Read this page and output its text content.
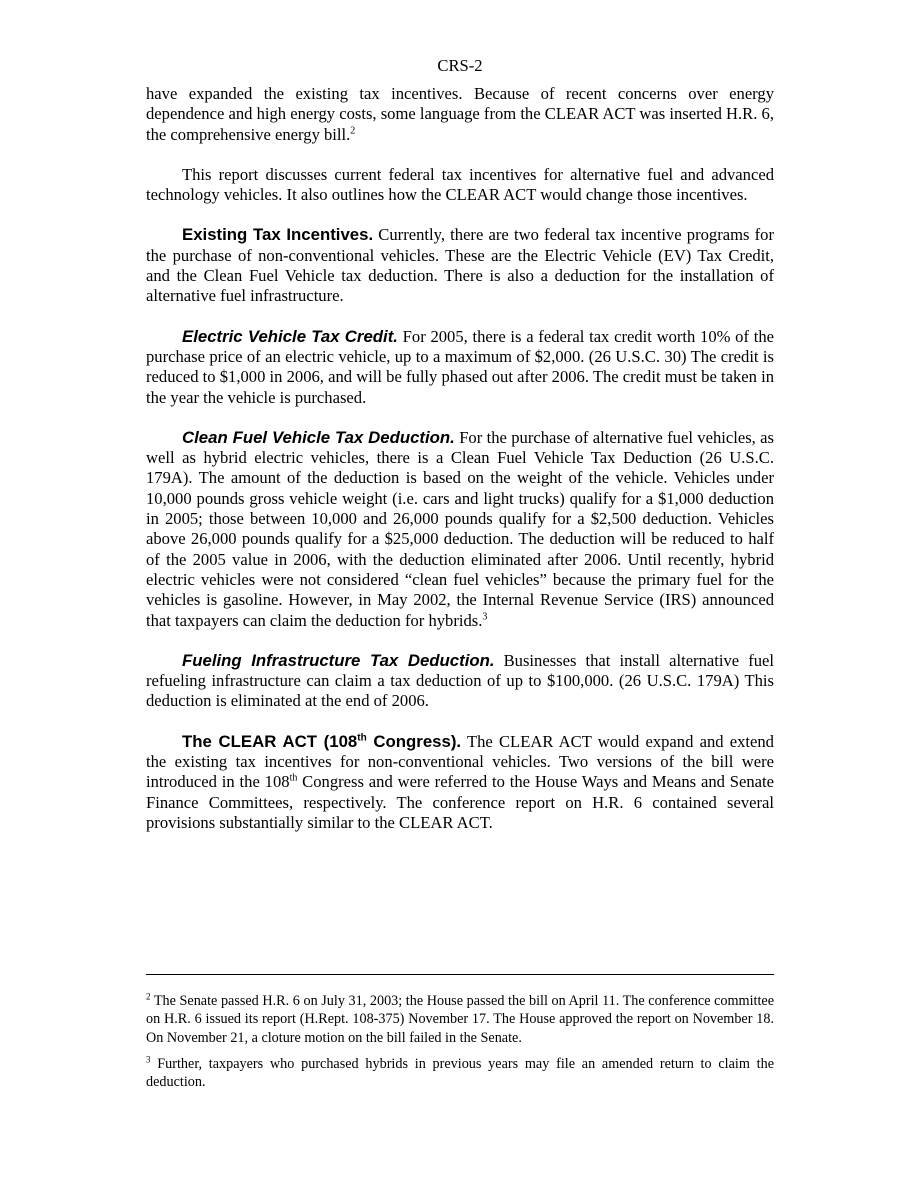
CRS-2

have expanded the existing tax incentives. Because of recent concerns over energy dependence and high energy costs, some language from the CLEAR ACT was inserted H.R. 6, the comprehensive energy bill.$^2$

This report discusses current federal tax incentives for alternative fuel and advanced technology vehicles. It also outlines how the CLEAR ACT would change those incentives.

Existing Tax Incentives. Currently, there are two federal tax incentive programs for the purchase of non-conventional vehicles. These are the Electric Vehicle (EV) Tax Credit, and the Clean Fuel Vehicle tax deduction. There is also a deduction for the installation of alternative fuel infrastructure.

Electric Vehicle Tax Credit. For 2005, there is a federal tax credit worth 10% of the purchase price of an electric vehicle, up to a maximum of $2,000. (26 U.S.C. 30) The credit is reduced to $1,000 in 2006, and will be fully phased out after 2006. The credit must be taken in the year the vehicle is purchased.

Clean Fuel Vehicle Tax Deduction. For the purchase of alternative fuel vehicles, as well as hybrid electric vehicles, there is a Clean Fuel Vehicle Tax Deduction (26 U.S.C. 179A). The amount of the deduction is based on the weight of the vehicle. Vehicles under 10,000 pounds gross vehicle weight (i.e. cars and light trucks) qualify for a $1,000 deduction in 2005; those between 10,000 and 26,000 pounds qualify for a $2,500 deduction. Vehicles above 26,000 pounds qualify for a $25,000 deduction. The deduction will be reduced to half of the 2005 value in 2006, with the deduction eliminated after 2006. Until recently, hybrid electric vehicles were not considered “clean fuel vehicles” because the primary fuel for the vehicles is gasoline. However, in May 2002, the Internal Revenue Service (IRS) announced that taxpayers can claim the deduction for hybrids.$^3$

Fueling Infrastructure Tax Deduction. Businesses that install alternative fuel refueling infrastructure can claim a tax deduction of up to $100,000. (26 U.S.C. 179A) This deduction is eliminated at the end of 2006.

The CLEAR ACT (108th Congress). The CLEAR ACT would expand and extend the existing tax incentives for non-conventional vehicles. Two versions of the bill were introduced in the 108th Congress and were referred to the House Ways and Means and Senate Finance Committees, respectively. The conference report on H.R. 6 contained several provisions substantially similar to the CLEAR ACT.

$^2$ The Senate passed H.R. 6 on July 31, 2003; the House passed the bill on April 11. The conference committee on H.R. 6 issued its report (H.Rept. 108-375) November 17. The House approved the report on November 18. On November 21, a cloture motion on the bill failed in the Senate.

$^3$ Further, taxpayers who purchased hybrids in previous years may file an amended return to claim the deduction.
